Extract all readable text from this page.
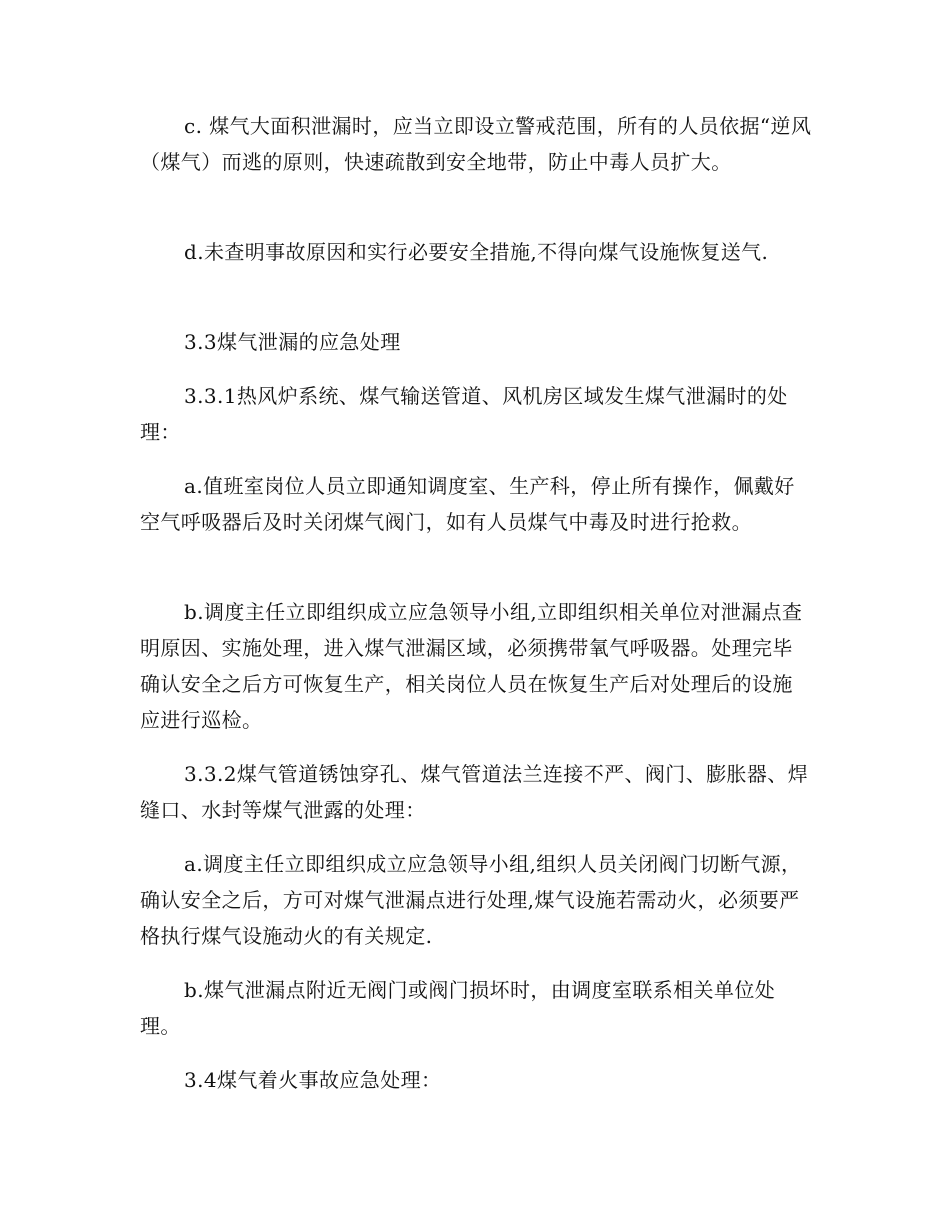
c. 煤气大面积泄漏时，应当立即设立警戒范围，所有的人员依据“逆风（煤气）而逃的原则，快速疏散到安全地带，防止中毒人员扩大。

d.未查明事故原因和实行必要安全措施,不得向煤气设施恢复送气.

3.3煤气泄漏的应急处理

3.3.1热风炉系统、煤气输送管道、风机房区域发生煤气泄漏时的处理：

a.值班室岗位人员立即通知调度室、生产科，停止所有操作，佩戴好空气呼吸器后及时关闭煤气阀门，如有人员煤气中毒及时进行抢救。

b.调度主任立即组织成立应急领导小组,立即组织相关单位对泄漏点查明原因、实施处理，进入煤气泄漏区域，必须携带氧气呼吸器。处理完毕确认安全之后方可恢复生产，相关岗位人员在恢复生产后对处理后的设施应进行巡检。

3.3.2煤气管道锈蚀穿孔、煤气管道法兰连接不严、阀门、膨胀器、焊缝口、水封等煤气泄露的处理：

a.调度主任立即组织成立应急领导小组,组织人员关闭阀门切断气源，确认安全之后，方可对煤气泄漏点进行处理,煤气设施若需动火，必须要严格执行煤气设施动火的有关规定.

b.煤气泄漏点附近无阀门或阀门损坏时，由调度室联系相关单位处理。

3.4煤气着火事故应急处理：
